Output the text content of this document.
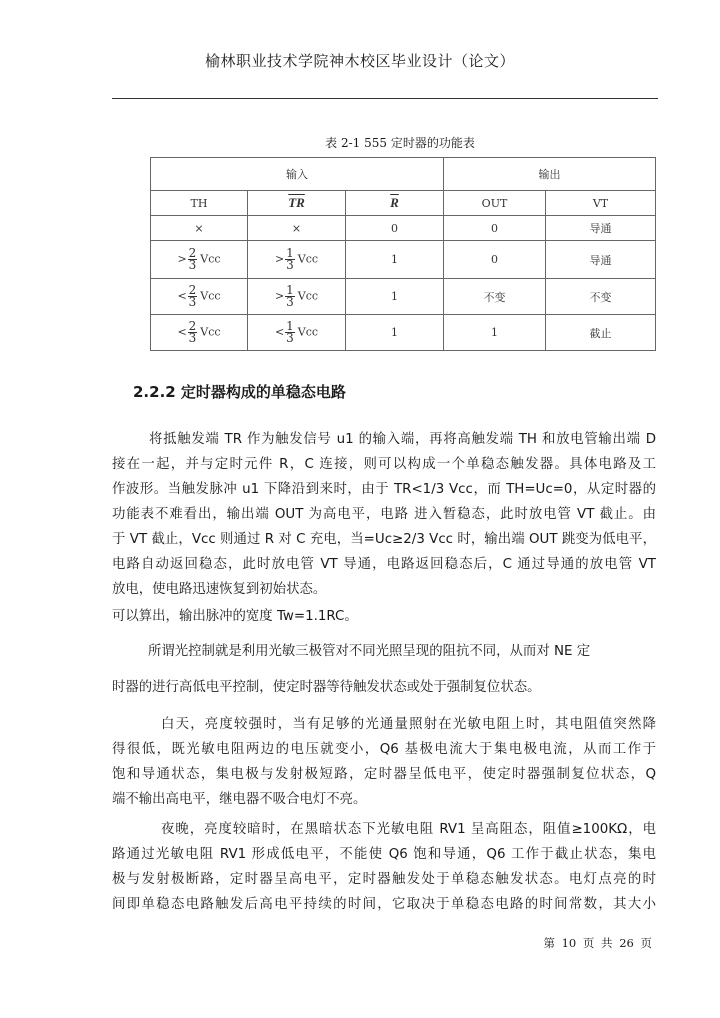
榆林职业技术学院神木校区毕业设计（论文）
表 2-1 555 定时器的功能表
输入			输出	
TH	$\overline{TR}$	$\overline{R}$	OUT	VT
×	×	0	0	导通
> $\frac{2}{3}$ Vcc	> $\frac{1}{3}$ Vcc	1	0	导通
< $\frac{2}{3}$ Vcc	> $\frac{1}{3}$ Vcc	1	不变	不变
< $\frac{2}{3}$ Vcc	< $\frac{1}{3}$ Vcc	1	1	截止
2.2.2 定时器构成的单稳态电路
将抵触发端 TR 作为触发信号 u1 的输入端，再将高触发端 TH 和放电管输出端 D
接在一起，并与定时元件 R，C 连接，则可以构成一个单稳态触发器。具体电路及工
作波形。当触发脉冲 u1 下降沿到来时，由于 TR<1/3 Vcc，而 TH=Uc=0，从定时器的
功能表不难看出，输出端 OUT 为高电平，电路 进入暂稳态，此时放电管 VT 截止。由
于 VT 截止，Vcc 则通过 R 对 C 充电，当=Uc≥2/3 Vcc 时，输出端 OUT 跳变为低电平，
电路自动返回稳态，此时放电管 VT 导通，电路返回稳态后，C 通过导通的放电管 VT
放电，使电路迅速恢复到初始状态。
可以算出，输出脉冲的宽度 Tw=1.1RC。
所谓光控制就是利用光敏三极管对不同光照呈现的阻抗不同，从而对 NE 定
时器的进行高低电平控制，使定时器等待触发状态或处于强制复位状态。
白天，亮度较强时，当有足够的光通量照射在光敏电阻上时，其电阻值突然降
得很低，既光敏电阻两边的电压就变小，Q6 基极电流大于集电极电流，从而工作于
饱和导通状态，集电极与发射极短路，定时器呈低电平，使定时器强制复位状态，Q
端不输出高电平，继电器不吸合电灯不亮。
夜晚，亮度较暗时，在黑暗状态下光敏电阻 RV1 呈高阻态，阻值≥100KΩ，电
路通过光敏电阻 RV1 形成低电平，不能使 Q6 饱和导通，Q6 工作于截止状态，集电
极与发射极断路，定时器呈高电平，定时器触发处于单稳态触发状态。电灯点亮的时
间即单稳态电路触发后高电平持续的时间，它取决于单稳态电路的时间常数，其大小
第 10 页 共 26 页
